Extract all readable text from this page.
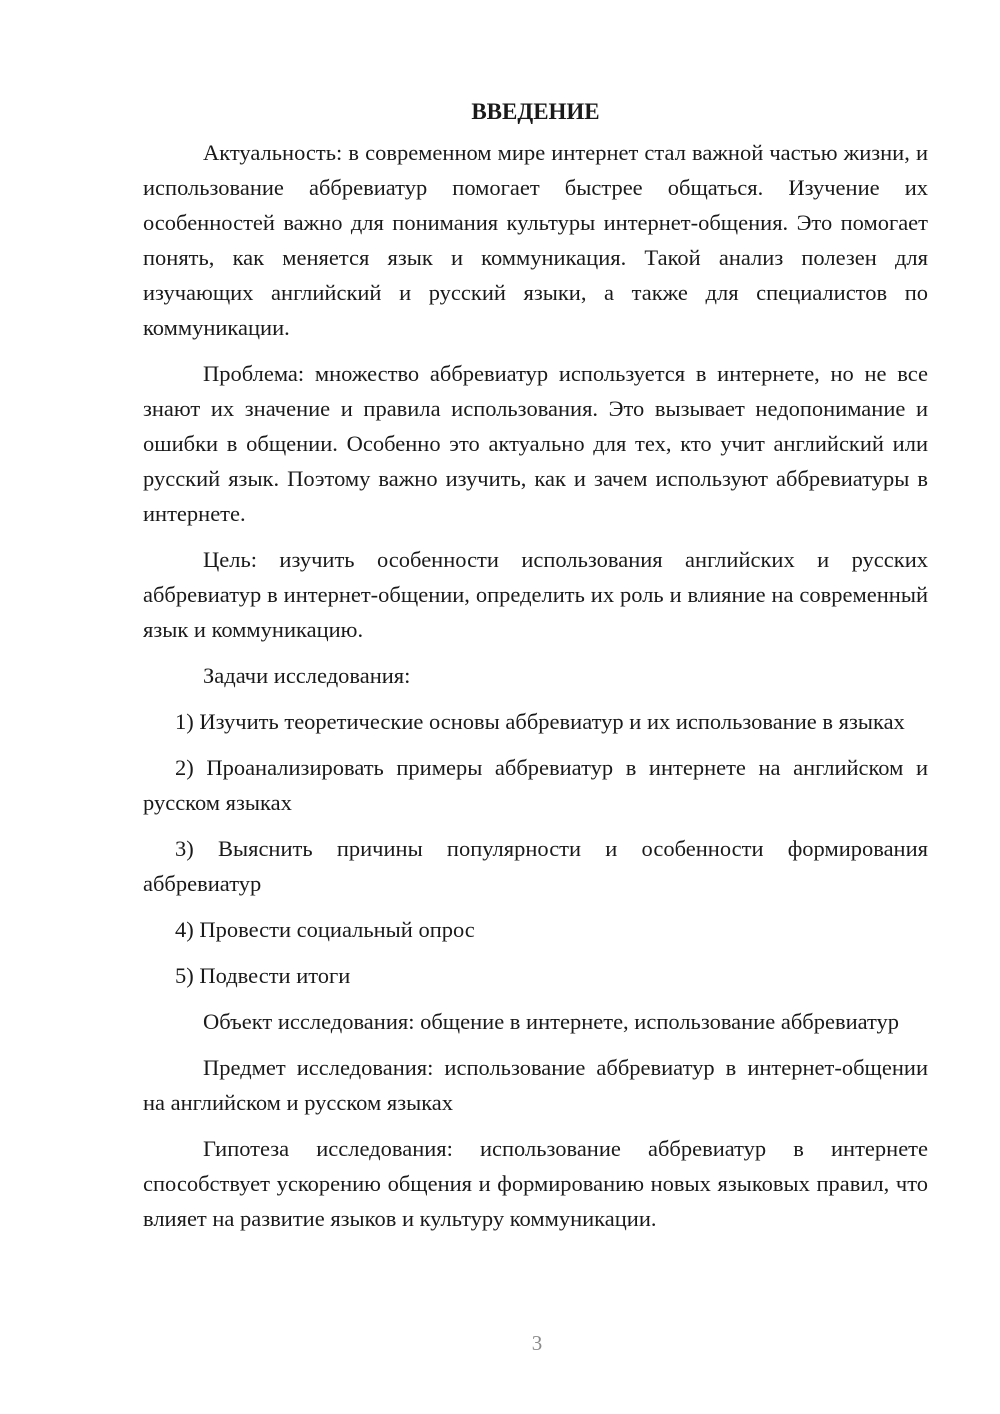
ВВЕДЕНИЕ

Актуальность: в современном мире интернет стал важной частью жизни, и использование аббревиатур помогает быстрее общаться. Изучение их особенностей важно для понимания культуры интернет-общения. Это помогает понять, как меняется язык и коммуникация. Такой анализ полезен для изучающих английский и русский языки, а также для специалистов по коммуникации.

Проблема: множество аббревиатур используется в интернете, но не все знают их значение и правила использования. Это вызывает недопонимание и ошибки в общении. Особенно это актуально для тех, кто учит английский или русский язык. Поэтому важно изучить, как и зачем используют аббревиатуры в интернете.

Цель: изучить особенности использования английских и русских аббревиатур в интернет-общении, определить их роль и влияние на современный язык и коммуникацию.

Задачи исследования:

1) Изучить теоретические основы аббревиатур и их использование в языках

2) Проанализировать примеры аббревиатур в интернете на английском и русском языках

3) Выяснить причины популярности и особенности формирования аббревиатур

4) Провести социальный опрос

5) Подвести итоги

Объект исследования: общение в интернете, использование аббревиатур

Предмет исследования: использование аббревиатур в интернет-общении на английском и русском языках

Гипотеза исследования: использование аббревиатур в интернете способствует ускорению общения и формированию новых языковых правил, что влияет на развитие языков и культуру коммуникации.

3
